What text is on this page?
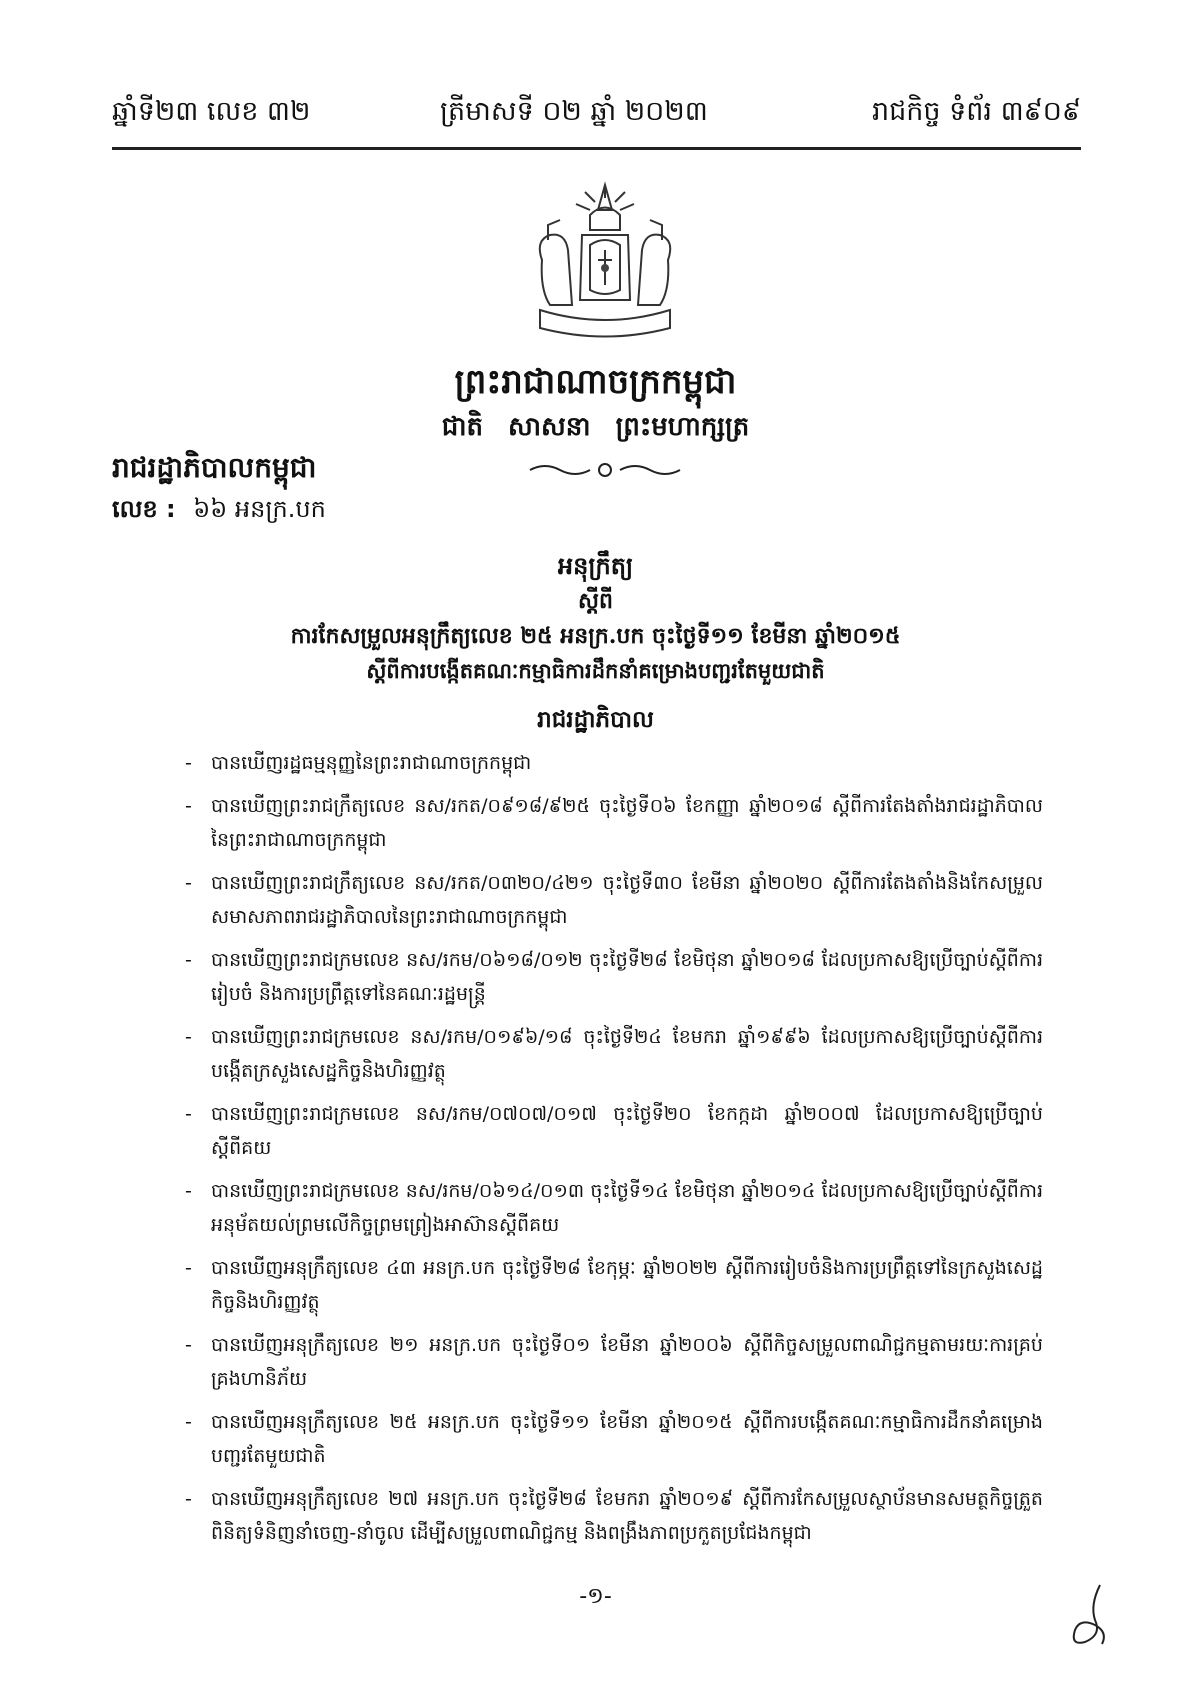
ឆ្នាំទី២៣ លេខ ៣២	ត្រីមាសទី ០២ ឆ្នាំ ២០២៣	រាជកិច្ច ទំព័រ ៣៩០៩
ព្រះរាជាណាចក្រកម្ពុជា
ជាតិ សាសនា ព្រះមហាក្សត្រ
រាជរដ្ឋាភិបាលកម្ពុជា
លេខ : ៦៦ អនក្រ.បក
អនុក្រឹត្យ
ស្តីពី
ការកែសម្រួលអនុក្រឹត្យលេខ ២៥ អនក្រ.បក ចុះថ្ងៃទី១១ ខែមីនា ឆ្នាំ២០១៥
ស្តីពីការបង្កើតគណៈកម្មាធិការដឹកនាំគម្រោងបញ្ជរតែមួយជាតិ
រាជរដ្ឋាភិបាល
- បានឃើញរដ្ឋធម្មនុញ្ញនៃព្រះរាជាណាចក្រកម្ពុជា
- បានឃើញព្រះរាជក្រឹត្យលេខ នស/រកត/០៩១៨/៩២៥ ចុះថ្ងៃទី០៦ ខែកញ្ញា ឆ្នាំ២០១៨ ស្តីពីការតែងតាំងរាជរដ្ឋាភិបាលនៃព្រះរាជាណាចក្រកម្ពុជា
- បានឃើញព្រះរាជក្រឹត្យលេខ នស/រកត/០៣២០/៤២១ ចុះថ្ងៃទី៣០ ខែមីនា ឆ្នាំ២០២០ ស្តីពីការតែងតាំងនិងកែសម្រួលសមាសភាពរាជរដ្ឋាភិបាលនៃព្រះរាជាណាចក្រកម្ពុជា
- បានឃើញព្រះរាជក្រមលេខ នស/រកម/០៦១៨/០១២ ចុះថ្ងៃទី២៨ ខែមិថុនា ឆ្នាំ២០១៨ ដែលប្រកាសឱ្យប្រើច្បាប់ស្តីពីការរៀបចំ និងការប្រព្រឹត្តទៅនៃគណៈរដ្ឋមន្ត្រី
- បានឃើញព្រះរាជក្រមលេខ នស/រកម/០១៩៦/១៨ ចុះថ្ងៃទី២៤ ខែមករា ឆ្នាំ១៩៩៦ ដែលប្រកាសឱ្យប្រើច្បាប់ស្តីពីការបង្កើតក្រសួងសេដ្ឋកិច្ចនិងហិរញ្ញវត្ថុ
- បានឃើញព្រះរាជក្រមលេខ នស/រកម/០៧០៧/០១៧ ចុះថ្ងៃទី២០ ខែកក្កដា ឆ្នាំ២០០៧ ដែលប្រកាសឱ្យប្រើច្បាប់ស្តីពីគយ
- បានឃើញព្រះរាជក្រមលេខ នស/រកម/០៦១៤/០១៣ ចុះថ្ងៃទី១៤ ខែមិថុនា ឆ្នាំ២០១៤ ដែលប្រកាសឱ្យប្រើច្បាប់ស្តីពីការអនុម័តយល់ព្រមលើកិច្ចព្រមព្រៀងអាស៊ានស្តីពីគយ
- បានឃើញអនុក្រឹត្យលេខ ៤៣ អនក្រ.បក ចុះថ្ងៃទី២៨ ខែកុម្ភៈ ឆ្នាំ២០២២ ស្តីពីការរៀបចំនិងការប្រព្រឹត្តទៅនៃក្រសួងសេដ្ឋកិច្ចនិងហិរញ្ញវត្ថុ
- បានឃើញអនុក្រឹត្យលេខ ២១ អនក្រ.បក ចុះថ្ងៃទី០១ ខែមីនា ឆ្នាំ២០០៦ ស្តីពីកិច្ចសម្រួលពាណិជ្ជកម្មតាមរយៈការគ្រប់គ្រងហានិភ័យ
- បានឃើញអនុក្រឹត្យលេខ ២៥ អនក្រ.បក ចុះថ្ងៃទី១១ ខែមីនា ឆ្នាំ២០១៥ ស្តីពីការបង្កើតគណៈកម្មាធិការដឹកនាំគម្រោងបញ្ជរតែមួយជាតិ
- បានឃើញអនុក្រឹត្យលេខ ២៧ អនក្រ.បក ចុះថ្ងៃទី២៨ ខែមករា ឆ្នាំ២០១៩ ស្តីពីការកែសម្រួលស្ថាប័នមានសមត្ថកិច្ចត្រួតពិនិត្យទំនិញនាំចេញ-នាំចូល ដើម្បីសម្រួលពាណិជ្ជកម្ម និងពង្រឹងភាពប្រកួតប្រជែងកម្ពុជា
-១-
